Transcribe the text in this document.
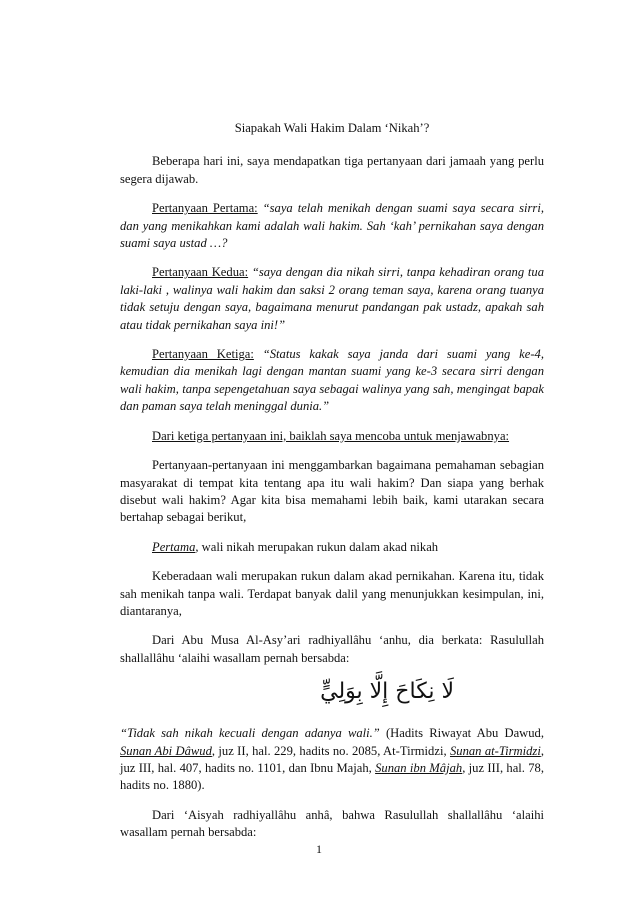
Siapakah Wali Hakim Dalam ‘Nikah’?

Beberapa hari ini, saya mendapatkan tiga pertanyaan dari jamaah yang perlu segera dijawab.

Pertanyaan Pertama: “saya telah menikah dengan suami saya secara sirri, dan yang menikahkan kami adalah wali hakim. Sah ‘kah’ pernikahan saya dengan suami saya ustad …?

Pertanyaan Kedua: “saya dengan dia nikah sirri, tanpa kehadiran orang tua laki-laki , walinya wali hakim dan saksi 2 orang teman saya, karena orang tuanya tidak setuju dengan saya, bagaimana menurut pandangan pak ustadz, apakah sah atau tidak pernikahan saya ini!”

Pertanyaan Ketiga: “Status kakak saya janda dari suami yang ke-4, kemudian dia menikah lagi dengan mantan suami yang ke-3 secara sirri dengan wali hakim, tanpa sepengetahuan saya sebagai walinya yang sah, mengingat bapak dan paman saya telah meninggal dunia.”

Dari ketiga pertanyaan ini, baiklah saya mencoba untuk menjawabnya:

Pertanyaan-pertanyaan ini menggambarkan bagaimana pemahaman sebagian masyarakat di tempat kita tentang apa itu wali hakim? Dan siapa yang berhak disebut wali hakim? Agar kita bisa memahami lebih baik, kami utarakan secara bertahap sebagai berikut,

Pertama, wali nikah merupakan rukun dalam akad nikah

Keberadaan wali merupakan rukun dalam akad pernikahan. Karena itu, tidak sah menikah tanpa wali. Terdapat banyak dalil yang menunjukkan kesimpulan, ini, diantaranya,

Dari Abu Musa Al-Asy’ari radhiyallâhu ‘anhu, dia berkata: Rasulullah shallallâhu ‘alaihi wasallam pernah bersabda:

لَا نِكَاحَ إِلَّا بِوَلِيٍّ

“Tidak sah nikah kecuali dengan adanya wali.” (Hadits Riwayat Abu Dawud, Sunan Abi Dâwud, juz II, hal. 229, hadits no. 2085, At-Tirmidzi, Sunan at-Tirmidzi, juz III, hal. 407, hadits no. 1101, dan Ibnu Majah, Sunan ibn Mâjah, juz III, hal. 78, hadits no. 1880).

Dari ‘Aisyah radhiyallâhu anhâ, bahwa Rasulullah shallallâhu ‘alaihi wasallam pernah bersabda:

1
